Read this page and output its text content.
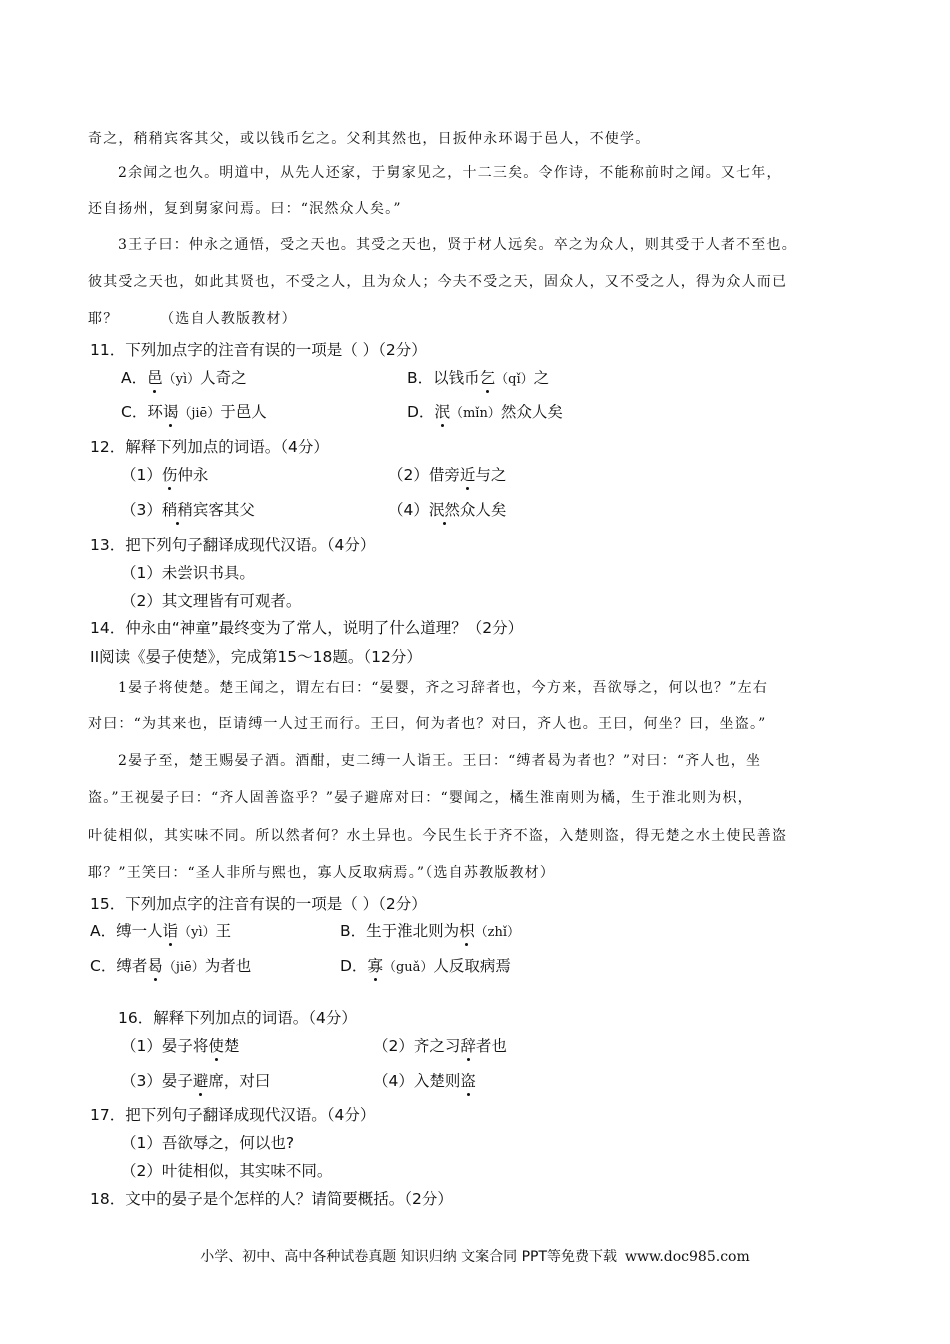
奇之，稍稍宾客其父，或以钱币乞之。父利其然也，日扳仲永环谒于邑人，不使学。
2余闻之也久。明道中，从先人还家，于舅家见之，十二三矣。令作诗，不能称前时之闻。又七年，
还自扬州，复到舅家问焉。曰：“泯然众人矣。”
3王子曰：仲永之通悟，受之天也。其受之天也，贤于材人远矣。卒之为众人，则其受于人者不至也。
彼其受之天也，如此其贤也，不受之人，且为众人；今夫不受之天，固众人，又不受之人，得为众人而已
耶？	（选自人教版教材）
11．下列加点字的注音有误的一项是（ ）（2分）
A．邑（yì）人奇之	B．以钱币乞（qǐ）之
C．环谒（jiē）于邑人	D．泯（mǐn）然众人矣
12．解释下列加点的词语。（4分）
（1）伤仲永	（2）借旁近与之
（3）稍稍宾客其父	（4）泯然众人矣
13．把下列句子翻译成现代汉语。（4分）
（1）未尝识书具。
（2）其文理皆有可观者。
14．仲永由“神童”最终变为了常人，说明了什么道理？（2分）
II阅读《晏子使楚》，完成第15～18题。（12分）
1晏子将使楚。楚王闻之，谓左右曰：“晏婴，齐之习辞者也，今方来，吾欲辱之，何以也？”左右
对曰：“为其来也，臣请缚一人过王而行。王曰，何为者也？对曰，齐人也。王曰，何坐？曰，坐盗。”
2晏子至，楚王赐晏子酒。酒酣，吏二缚一人诣王。王曰：“缚者曷为者也？”对曰：“齐人也，坐
盗。”王视晏子曰：“齐人固善盗乎？”晏子避席对曰：“婴闻之，橘生淮南则为橘，生于淮北则为枳，
叶徒相似，其实味不同。所以然者何？水土异也。今民生长于齐不盗，入楚则盗，得无楚之水土使民善盗
耶？”王笑曰：“圣人非所与熙也，寡人反取病焉。”（选自苏教版教材）
15．下列加点字的注音有误的一项是（ ）（2分）
A．缚一人诣（yì）王	B．生于淮北则为枳（zhǐ）
C．缚者曷（jiē）为者也	D．寡（guǎ）人反取病焉
16．解释下列加点的词语。（4分）
（1）晏子将使楚	（2）齐之习辞者也
（3）晏子避席，对曰	（4）入楚则盗
17．把下列句子翻译成现代汉语。（4分）
（1）吾欲辱之，何以也?
（2）叶徒相似，其实味不同。
18．文中的晏子是个怎样的人？请简要概括。（2分）
小学、初中、高中各种试卷真题 知识归纳 文案合同 PPT等免费下载 www.doc985.com
